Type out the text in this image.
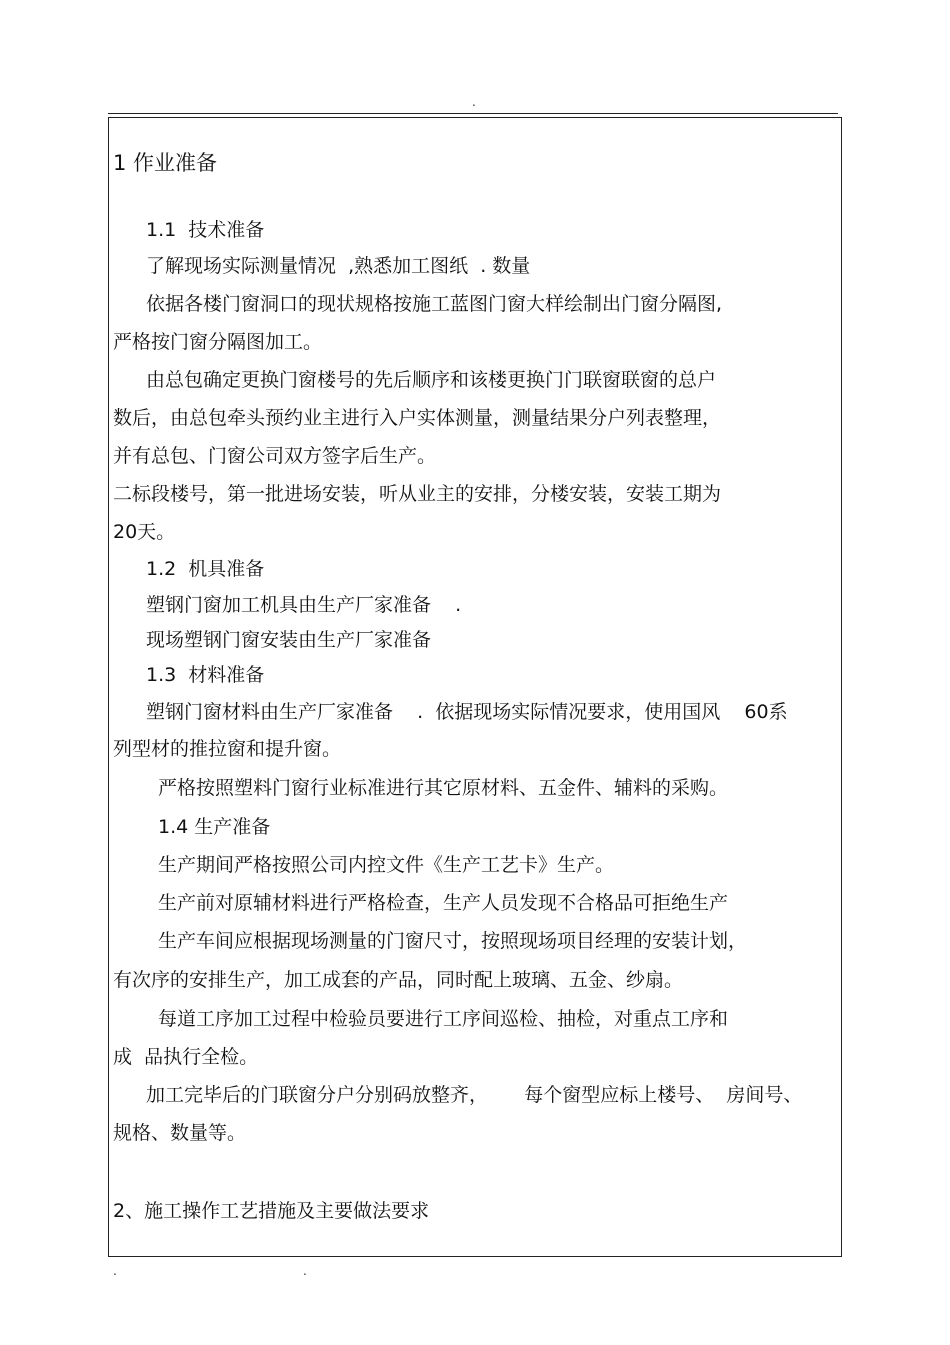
.
1 作业准备
1.1  技术准备
了解现场实际测量情况  ,熟悉加工图纸  . 数量
依据各楼门窗洞口的现状规格按施工蓝图门窗大样绘制出门窗分隔图,
严格按门窗分隔图加工。
由总包确定更换门窗楼号的先后顺序和该楼更换门门联窗联窗的总户
数后，由总包牵头预约业主进行入户实体测量，测量结果分户列表整理，
并有总包、门窗公司双方签字后生产。
二标段楼号，第一批进场安装，听从业主的安排，分楼安装，安装工期为
20天。
1.2  机具准备
塑钢门窗加工机具由生产厂家准备    .
现场塑钢门窗安装由生产厂家准备
1.3  材料准备
塑钢门窗材料由生产厂家准备    .  依据现场实际情况要求，使用国风    60系
列型材的推拉窗和提升窗。
严格按照塑料门窗行业标准进行其它原材料、五金件、辅料的采购。
1.4 生产准备
生产期间严格按照公司内控文件《生产工艺卡》生产。
生产前对原辅材料进行严格检查，生产人员发现不合格品可拒绝生产
生产车间应根据现场测量的门窗尺寸，按照现场项目经理的安装计划，
有次序的安排生产，加工成套的产品，同时配上玻璃、五金、纱扇。
每道工序加工过程中检验员要进行工序间巡检、抽检，对重点工序和
成  品执行全检。
加工完毕后的门联窗分户分别码放整齐，      每个窗型应标上楼号、  房间号、
规格、数量等。
2、施工操作工艺措施及主要做法要求
.	.
